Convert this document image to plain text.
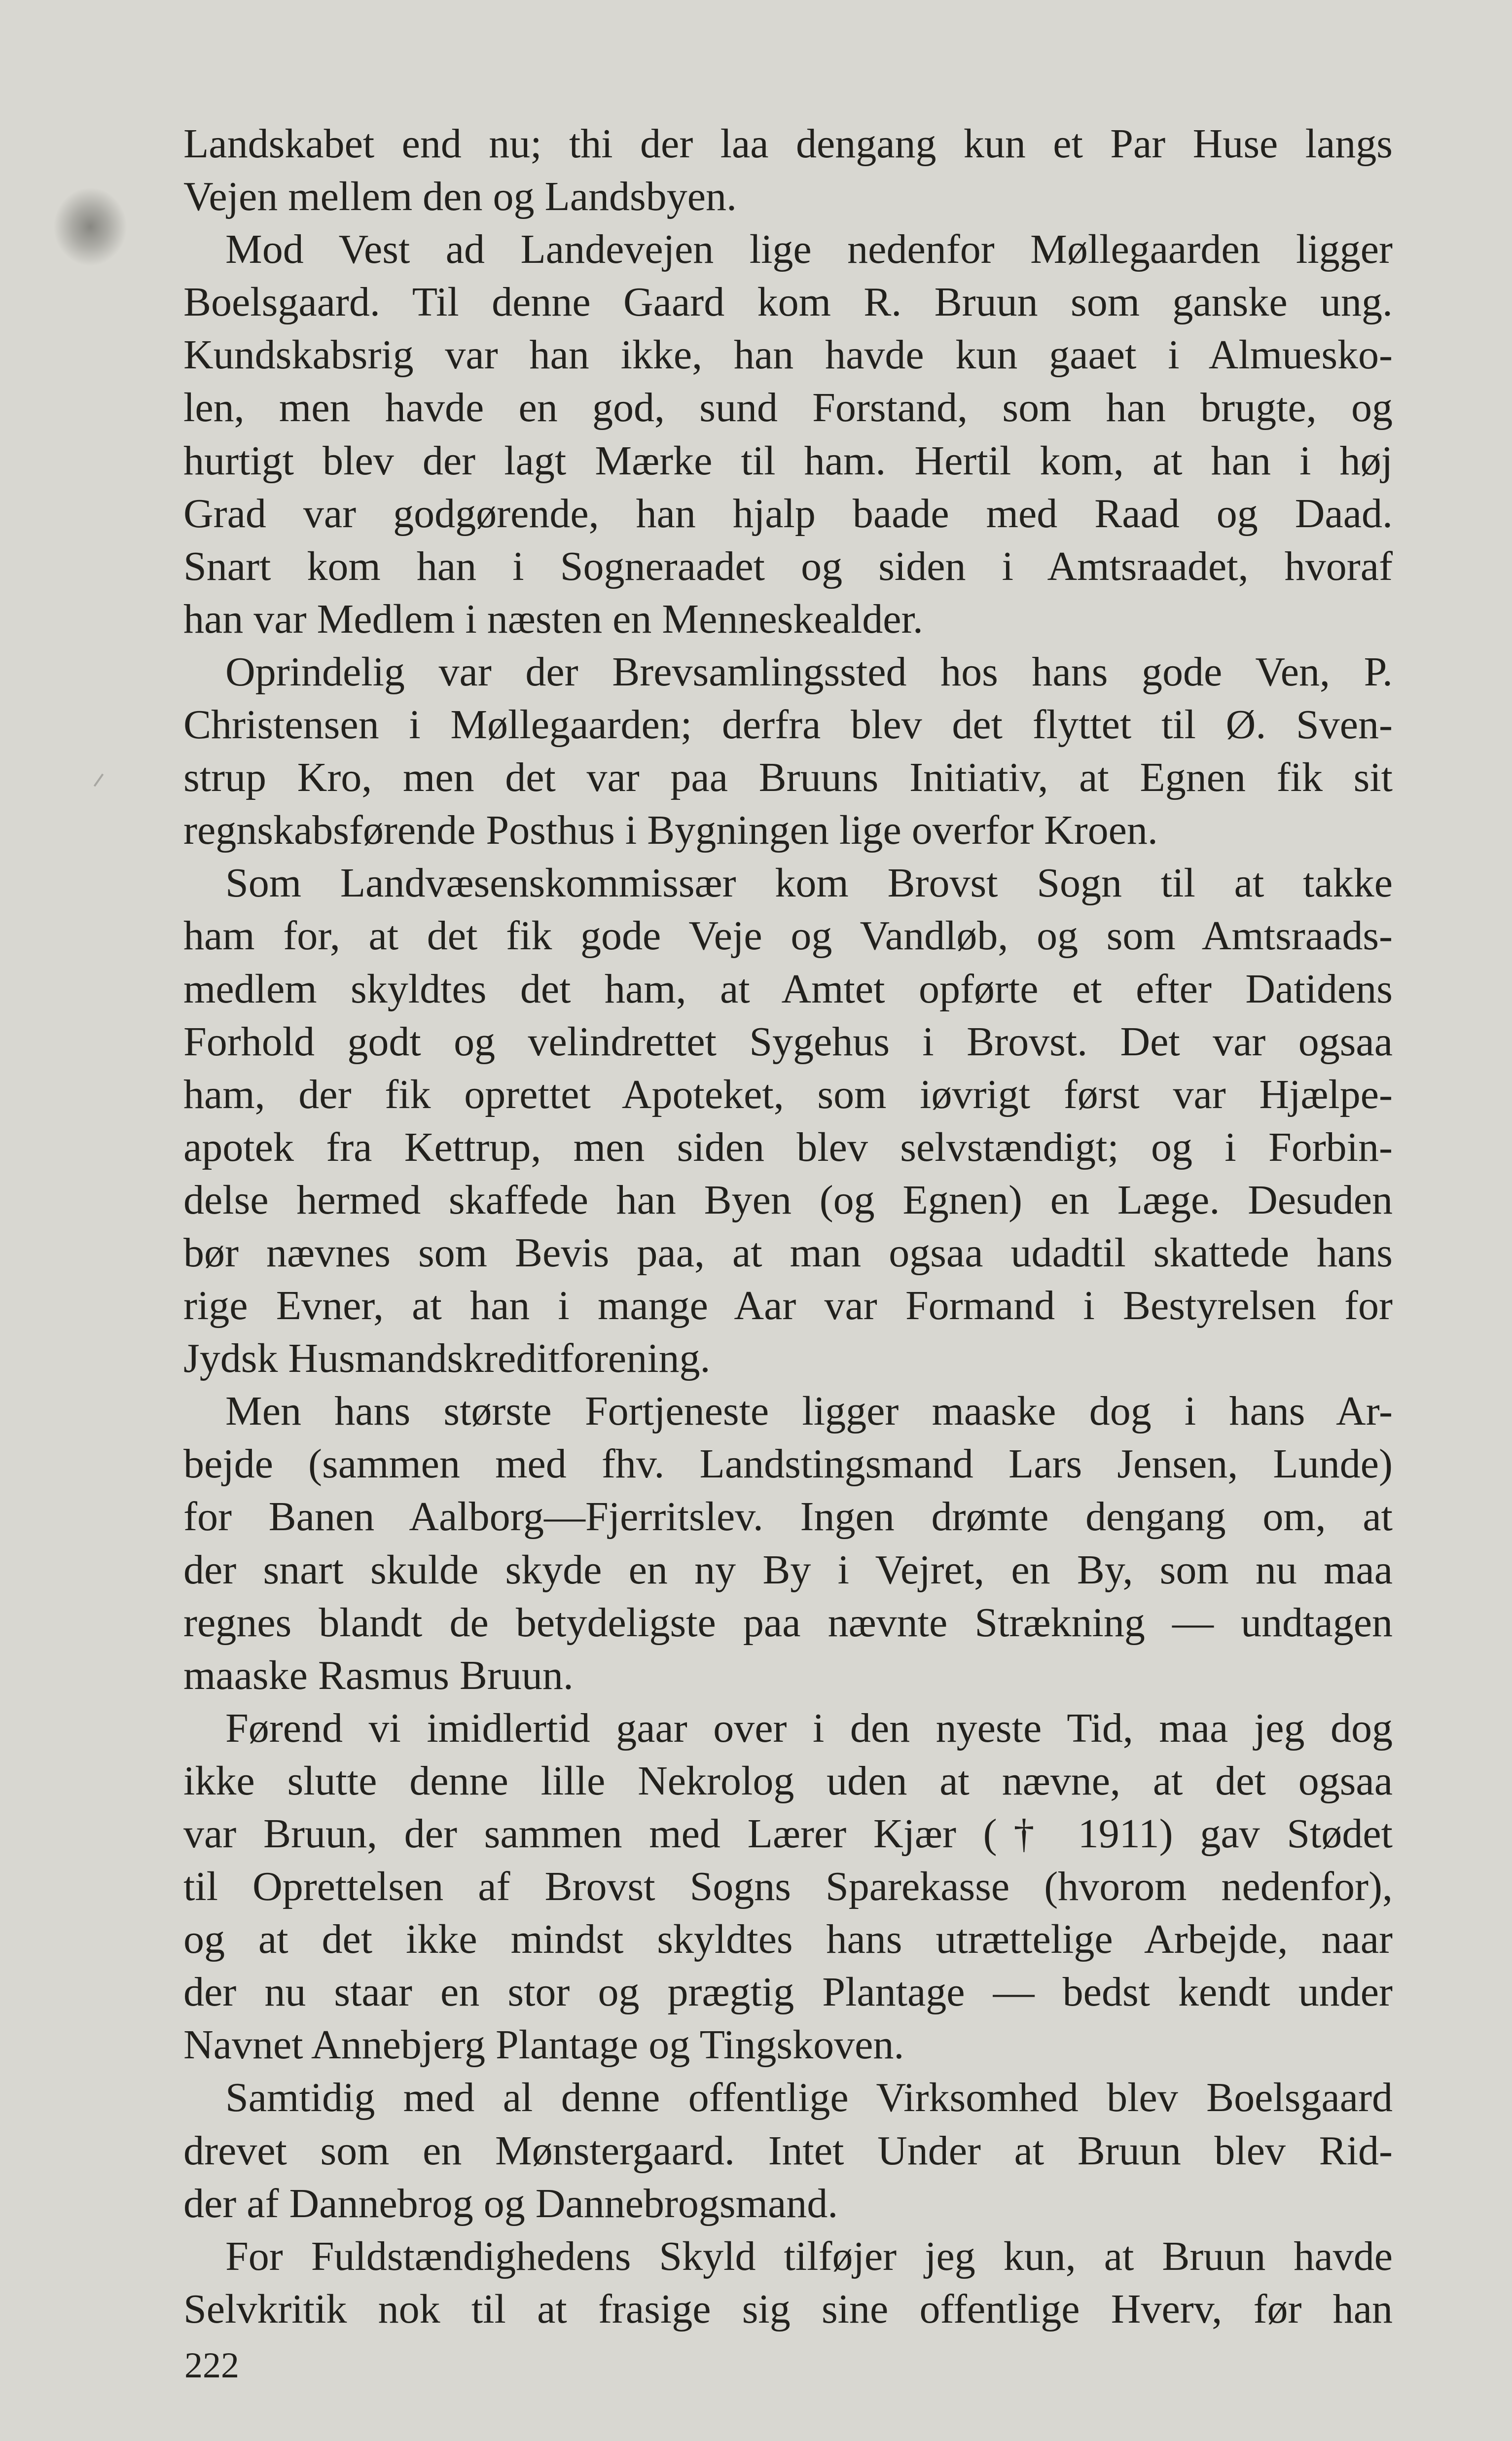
Landskabet end nu; thi der laa dengang kun et Par Huse langs
Vejen mellem den og Landsbyen.
Mod Vest ad Landevejen lige nedenfor Møllegaarden ligger
Boelsgaard. Til denne Gaard kom R. Bruun som ganske ung.
Kundskabsrig var han ikke, han havde kun gaaet i Almuesko-
len, men havde en god, sund Forstand, som han brugte, og
hurtigt blev der lagt Mærke til ham. Hertil kom, at han i høj
Grad var godgørende, han hjalp baade med Raad og Daad.
Snart kom han i Sogneraadet og siden i Amtsraadet, hvoraf
han var Medlem i næsten en Menneskealder.
Oprindelig var der Brevsamlingssted hos hans gode Ven, P.
Christensen i Møllegaarden; derfra blev det flyttet til Ø. Sven-
strup Kro, men det var paa Bruuns Initiativ, at Egnen fik sit
regnskabsførende Posthus i Bygningen lige overfor Kroen.
Som Landvæsenskommissær kom Brovst Sogn til at takke
ham for, at det fik gode Veje og Vandløb, og som Amtsraads-
medlem skyldtes det ham, at Amtet opførte et efter Datidens
Forhold godt og velindrettet Sygehus i Brovst. Det var ogsaa
ham, der fik oprettet Apoteket, som iøvrigt først var Hjælpe-
apotek fra Kettrup, men siden blev selvstændigt; og i Forbin-
delse hermed skaffede han Byen (og Egnen) en Læge. Desuden
bør nævnes som Bevis paa, at man ogsaa udadtil skattede hans
rige Evner, at han i mange Aar var Formand i Bestyrelsen for
Jydsk Husmandskreditforening.
Men hans største Fortjeneste ligger maaske dog i hans Ar-
bejde (sammen med fhv. Landstingsmand Lars Jensen, Lunde)
for Banen Aalborg—Fjerritslev. Ingen drømte dengang om, at
der snart skulde skyde en ny By i Vejret, en By, som nu maa
regnes blandt de betydeligste paa nævnte Strækning — undtagen
maaske Rasmus Bruun.
Førend vi imidlertid gaar over i den nyeste Tid, maa jeg dog
ikke slutte denne lille Nekrolog uden at nævne, at det ogsaa
var Bruun, der sammen med Lærer Kjær († 1911) gav Stødet
til Oprettelsen af Brovst Sogns Sparekasse (hvorom nedenfor),
og at det ikke mindst skyldtes hans utrættelige Arbejde, naar
der nu staar en stor og prægtig Plantage — bedst kendt under
Navnet Annebjerg Plantage og Tingskoven.
Samtidig med al denne offentlige Virksomhed blev Boelsgaard
drevet som en Mønstergaard. Intet Under at Bruun blev Rid-
der af Dannebrog og Dannebrogsmand.
For Fuldstændighedens Skyld tilføjer jeg kun, at Bruun havde
Selvkritik nok til at frasige sig sine offentlige Hverv, før han
222
